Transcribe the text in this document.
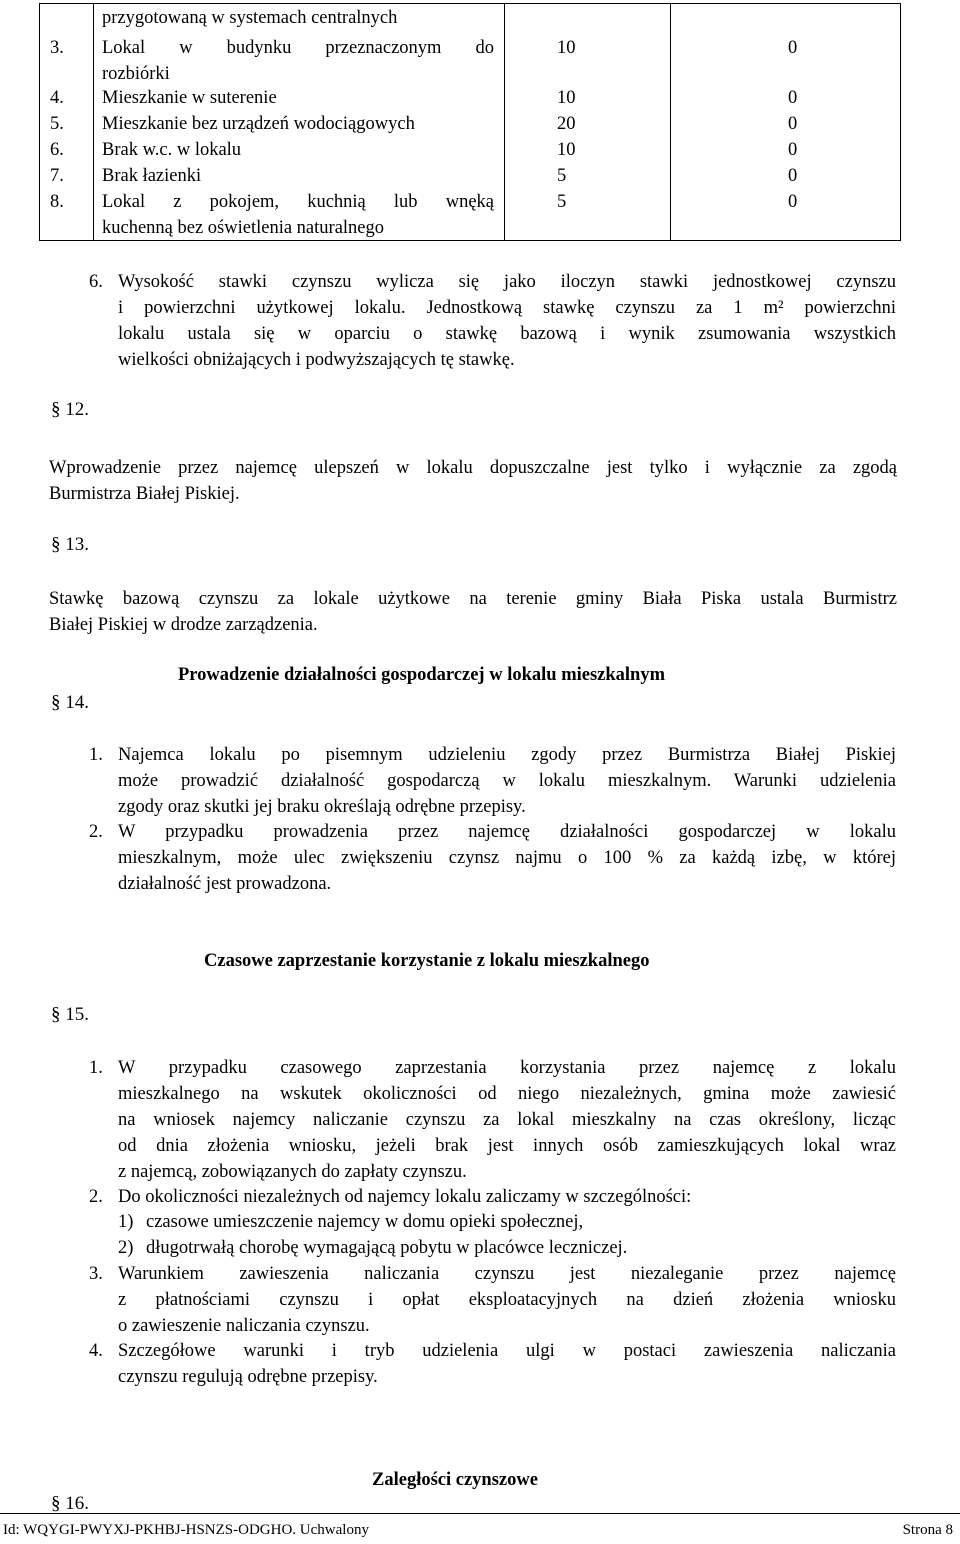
przygotowaną w systemach centralnych
3. Lokal w budynku przeznaczonym do
rozbiórki
10	0
4. Mieszkanie w suterenie	10	0
5. Mieszkanie bez urządzeń wodociągowych	20	0
6. Brak w.c. w lokalu	10	0
7. Brak łazienki	5	0
8. Lokal z pokojem, kuchnią lub wnęką
kuchenną bez oświetlenia naturalnego
5	0
6. Wysokość stawki czynszu wylicza się jako iloczyn stawki jednostkowej czynszu
i powierzchni użytkowej lokalu. Jednostkową stawkę czynszu za 1 m² powierzchni
lokalu ustala się w oparciu o stawkę bazową i wynik zsumowania wszystkich
wielkości obniżających i podwyższających tę stawkę.
§ 12.
Wprowadzenie przez najemcę ulepszeń w lokalu dopuszczalne jest tylko i wyłącznie za zgodą
Burmistrza Białej Piskiej.
§ 13.
Stawkę bazową czynszu za lokale użytkowe na terenie gminy Biała Piska ustala Burmistrz
Białej Piskiej w drodze zarządzenia.
Prowadzenie działalności gospodarczej w lokalu mieszkalnym
§ 14.
1. Najemca lokalu po pisemnym udzieleniu zgody przez Burmistrza Białej Piskiej
może prowadzić działalność gospodarczą w lokalu mieszkalnym. Warunki udzielenia
zgody oraz skutki jej braku określają odrębne przepisy.
2. W przypadku prowadzenia przez najemcę działalności gospodarczej w lokalu
mieszkalnym, może ulec zwiększeniu czynsz najmu o 100 % za każdą izbę, w której
działalność jest prowadzona.
Czasowe zaprzestanie korzystanie z lokalu mieszkalnego
§ 15.
1. W przypadku czasowego zaprzestania korzystania przez najemcę z lokalu
mieszkalnego na wskutek okoliczności od niego niezależnych, gmina może zawiesić
na wniosek najemcy naliczanie czynszu za lokal mieszkalny na czas określony, licząc
od dnia złożenia wniosku, jeżeli brak jest innych osób zamieszkujących lokal wraz
z najemcą, zobowiązanych do zapłaty czynszu.
2. Do okoliczności niezależnych od najemcy lokalu zaliczamy w szczególności:
1) czasowe umieszczenie najemcy w domu opieki społecznej,
2) długotrwałą chorobę wymagającą pobytu w placówce leczniczej.
3. Warunkiem zawieszenia naliczania czynszu jest niezaleganie przez najemcę
z płatnościami czynszu i opłat eksploatacyjnych na dzień złożenia wniosku
o zawieszenie naliczania czynszu.
4. Szczegółowe warunki i tryb udzielenia ulgi w postaci zawieszenia naliczania
czynszu regulują odrębne przepisy.
Zaległości czynszowe
§ 16.
Id: WQYGI-PWYXJ-PKHBJ-HSNZS-ODGHO. Uchwalony	Strona 8
